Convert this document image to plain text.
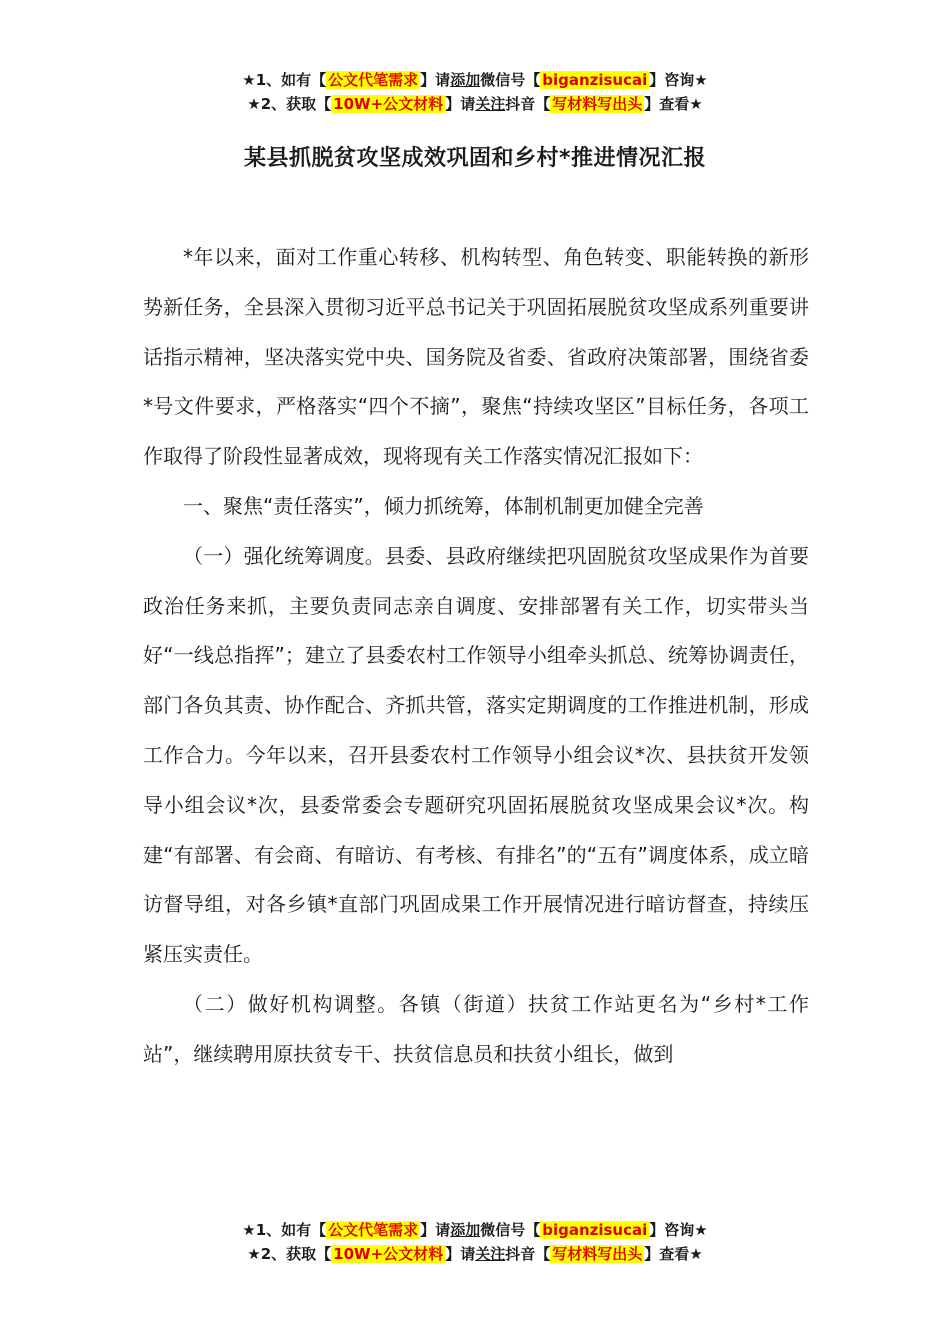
★1、如有【 公文代笔需求 】请添加微信号【 biganzisucai 】咨询★
★2、获取【 10W+公文材料 】请关注抖音【 写材料写出头 】查看★
某县抓脱贫攻坚成效巩固和乡村*推进情况汇报

*年以来，面对工作重心转移、机构转型、角色转变、职能转换的新形势新任务，全县深入贯彻习近平总书记关于巩固拓展脱贫攻坚成系列重要讲话指示精神，坚决落实党中央、国务院及省委、省政府决策部署，围绕省委*号文件要求，严格落实“四个不摘”，聚焦“持续攻坚区”目标任务，各项工作取得了阶段性显著成效，现将现有关工作落实情况汇报如下：

一、聚焦“责任落实”，倾力抓统筹，体制机制更加健全完善

（一）强化统筹调度。县委、县政府继续把巩固脱贫攻坚成果作为首要政治任务来抓，主要负责同志亲自调度、安排部署有关工作，切实带头当好“一线总指挥”；建立了县委农村工作领导小组牵头抓总、统筹协调责任，部门各负其责、协作配合、齐抓共管，落实定期调度的工作推进机制，形成工作合力。今年以来，召开县委农村工作领导小组会议*次、县扶贫开发领导小组会议*次，县委常委会专题研究巩固拓展脱贫攻坚成果会议*次。构建“有部署、有会商、有暗访、有考核、有排名”的“五有”调度体系，成立暗访督导组，对各乡镇*直部门巩固成果工作开展情况进行暗访督查，持续压紧压实责任。

（二）做好机构调整。各镇（街道）扶贫工作站更名为“乡村*工作站”，继续聘用原扶贫专干、扶贫信息员和扶贫小组长，做到

★1、如有【 公文代笔需求 】请添加微信号【 biganzisucai 】咨询★
★2、获取【 10W+公文材料 】请关注抖音【 写材料写出头 】查看★
